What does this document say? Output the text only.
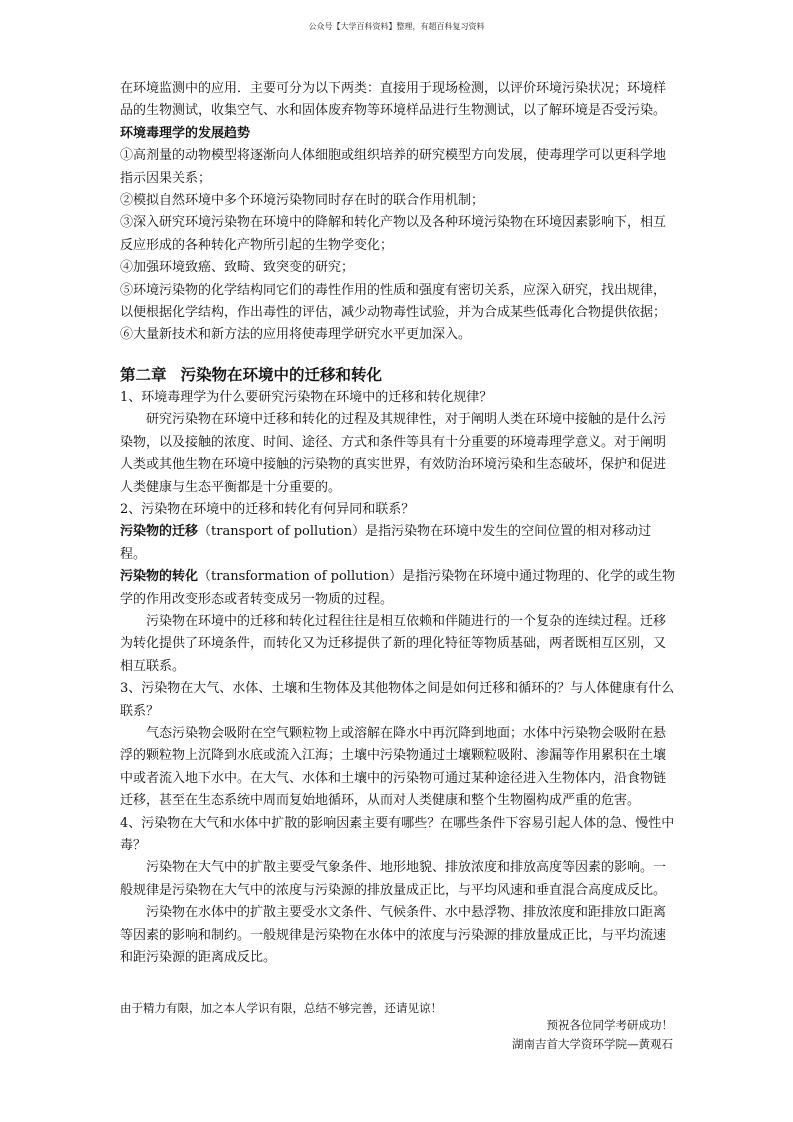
公众号【大学百科资料】整理，有超百科复习资料

在环境监测中的应用．主要可分为以下两类：直接用于现场检测，以评价环境污染状况；环境样品的生物测试，收集空气、水和固体废弃物等环境样品进行生物测试，以了解环境是否受污染。

环境毒理学的发展趋势

①高剂量的动物模型将逐渐向人体细胞或组织培养的研究模型方向发展，使毒理学可以更科学地指示因果关系；

②模拟自然环境中多个环境污染物同时存在时的联合作用机制；

③深入研究环境污染物在环境中的降解和转化产物以及各种环境污染物在环境因素影响下，相互反应形成的各种转化产物所引起的生物学变化；

④加强环境致癌、致畸、致突变的研究；

⑤环境污染物的化学结构同它们的毒性作用的性质和强度有密切关系，应深入研究，找出规律，以便根据化学结构，作出毒性的评估，减少动物毒性试验，并为合成某些低毒化合物提供依据；

⑥大量新技术和新方法的应用将使毒理学研究水平更加深入。

第二章 污染物在环境中的迁移和转化

1、环境毒理学为什么要研究污染物在环境中的迁移和转化规律？

研究污染物在环境中迁移和转化的过程及其规律性，对于阐明人类在环境中接触的是什么污染物，以及接触的浓度、时间、途径、方式和条件等具有十分重要的环境毒理学意义。对于阐明人类或其他生物在环境中接触的污染物的真实世界，有效防治环境污染和生态破坏，保护和促进人类健康与生态平衡都是十分重要的。

2、污染物在环境中的迁移和转化有何异同和联系？

污染物的迁移（transport of pollution）是指污染物在环境中发生的空间位置的相对移动过程。

污染物的转化（transformation of pollution）是指污染物在环境中通过物理的、化学的或生物学的作用改变形态或者转变成另一物质的过程。

污染物在环境中的迁移和转化过程往往是相互依赖和伴随进行的一个复杂的连续过程。迁移为转化提供了环境条件，而转化又为迁移提供了新的理化特征等物质基础，两者既相互区别，又相互联系。

3、污染物在大气、水体、土壤和生物体及其他物体之间是如何迁移和循环的？与人体健康有什么联系？

气态污染物会吸附在空气颗粒物上或溶解在降水中再沉降到地面；水体中污染物会吸附在悬浮的颗粒物上沉降到水底或流入江海；土壤中污染物通过土壤颗粒吸附、渗漏等作用累积在土壤中或者流入地下水中。在大气、水体和土壤中的污染物可通过某种途径进入生物体内，沿食物链迁移，甚至在生态系统中周而复始地循环，从而对人类健康和整个生物圈构成严重的危害。

4、污染物在大气和水体中扩散的影响因素主要有哪些？在哪些条件下容易引起人体的急、慢性中毒？

污染物在大气中的扩散主要受气象条件、地形地貌、排放浓度和排放高度等因素的影响。一般规律是污染物在大气中的浓度与污染源的排放量成正比，与平均风速和垂直混合高度成反比。

污染物在水体中的扩散主要受水文条件、气候条件、水中悬浮物、排放浓度和距排放口距离等因素的影响和制约。一般规律是污染物在水体中的浓度与污染源的排放量成正比，与平均流速和距污染源的距离成反比。

由于精力有限，加之本人学识有限，总结不够完善，还请见谅！
预祝各位同学考研成功！
湖南吉首大学资环学院—黄观石
